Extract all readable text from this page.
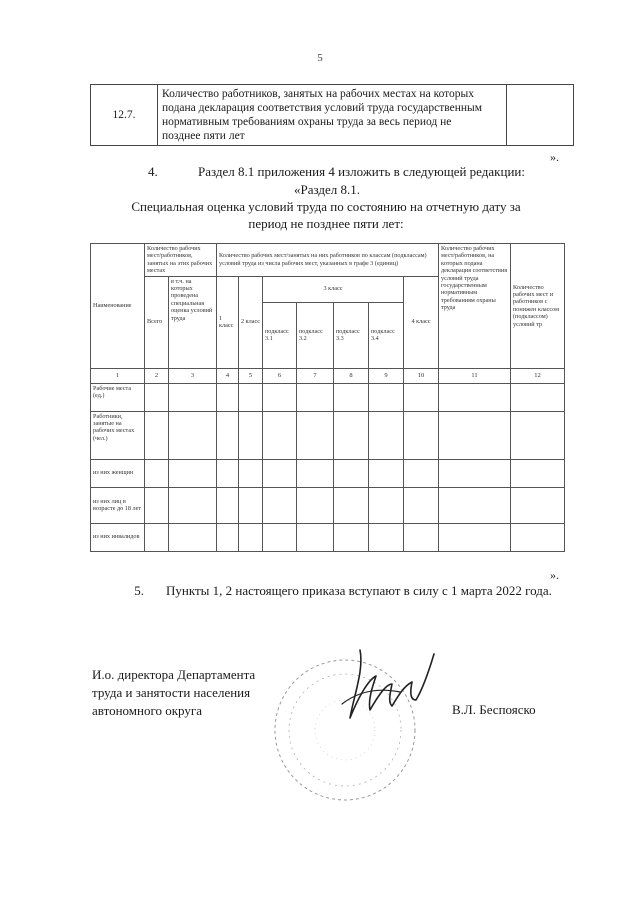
5
12.7.	
Количество работников, занятых на рабочих местах на которых
подана декларация соответствия условий труда государственным
нормативным требованиям охраны труда за весь период не
позднее пяти лет

».
4.	Раздел 8.1 приложения 4 изложить в следующей редакции:
«Раздел 8.1.
Специальная оценка условий труда по состоянию на отчетную дату за
период не позднее пяти лет:
Наименование	Количество рабочих мест/работников, занятых на этих рабочих местах		Количество рабочих мест/занятых на них работников по классам (подклассам) условий труда из числа рабочих мест, указанных в графе 3 (единиц)							Количество рабочих мест/работников, на которых подана декларация соответствия условий труда государственным нормативным требованиям охраны труда	Количество рабочих мест и работников с понижен классом (подклассом) условий тр
	Всего	в т.ч. на которых проведена специальная оценка условий труда	1 класс	2 класс	3 класс				4 класс		
					подкласс 3.1	подкласс 3.2	подкласс 3.3	подкласс 3.4			
1	2	3	4	5	6	7	8	9	10	11	12
Рабочие места (ед.)											
Работники, занятые на рабочих местах (чел.)											
из них женщин											
из них лиц в возрасте до 18 лет											
из них инвалидов											
».
5. Пункты 1, 2 настоящего приказа вступают в силу с 1 марта 2022 года.
И.о. директора Департамента
труда и занятости населения
автономного округа	В.Л. Беспояско
